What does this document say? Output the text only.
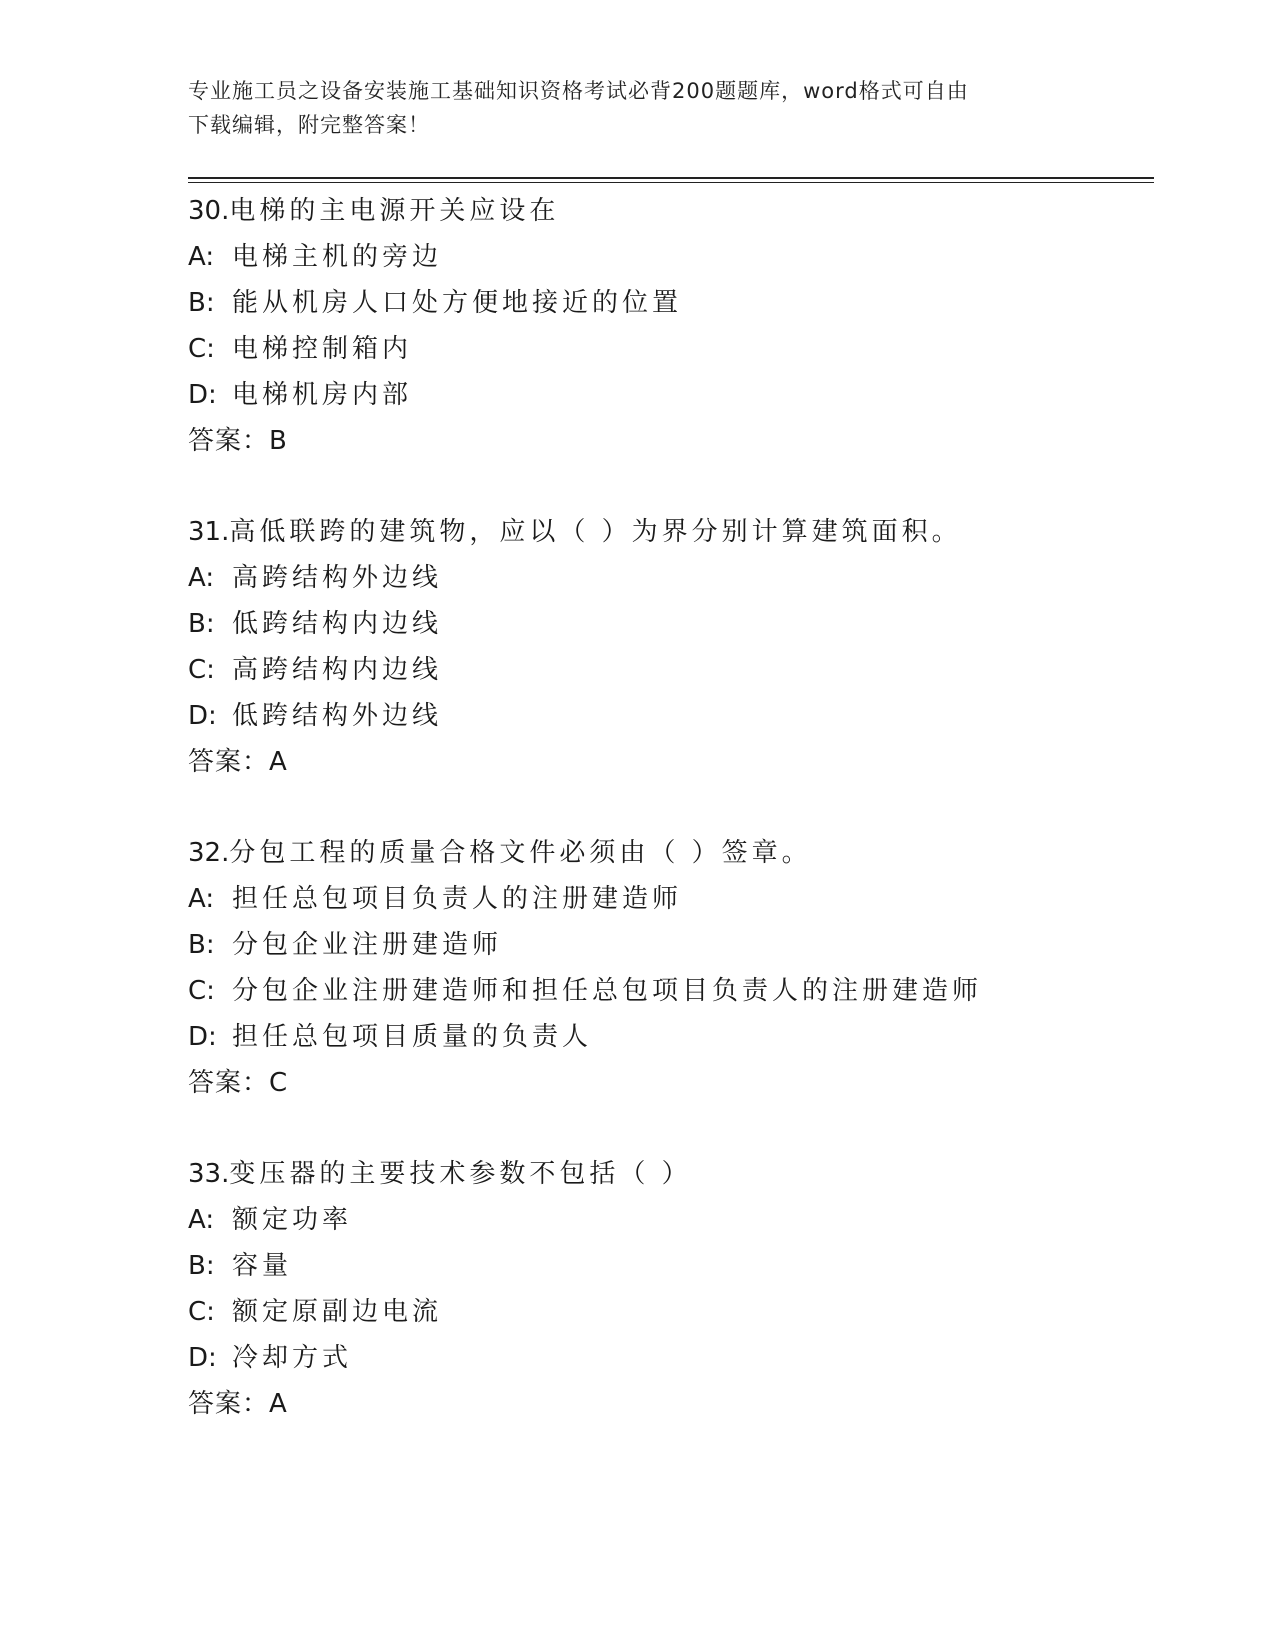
专业施工员之设备安装施工基础知识资格考试必背200题题库，word格式可自由
下载编辑，附完整答案！
30.电梯的主电源开关应设在
A: 电梯主机的旁边
B: 能从机房人口处方便地接近的位置
C: 电梯控制箱内
D: 电梯机房内部
答案：B
31.高低联跨的建筑物，应以（ ）为界分别计算建筑面积。
A: 高跨结构外边线
B: 低跨结构内边线
C: 高跨结构内边线
D: 低跨结构外边线
答案：A
32.分包工程的质量合格文件必须由（ ）签章。
A: 担任总包项目负责人的注册建造师
B: 分包企业注册建造师
C: 分包企业注册建造师和担任总包项目负责人的注册建造师
D: 担任总包项目质量的负责人
答案：C
33.变压器的主要技术参数不包括（ ）
A: 额定功率
B: 容量
C: 额定原副边电流
D: 冷却方式
答案：A
